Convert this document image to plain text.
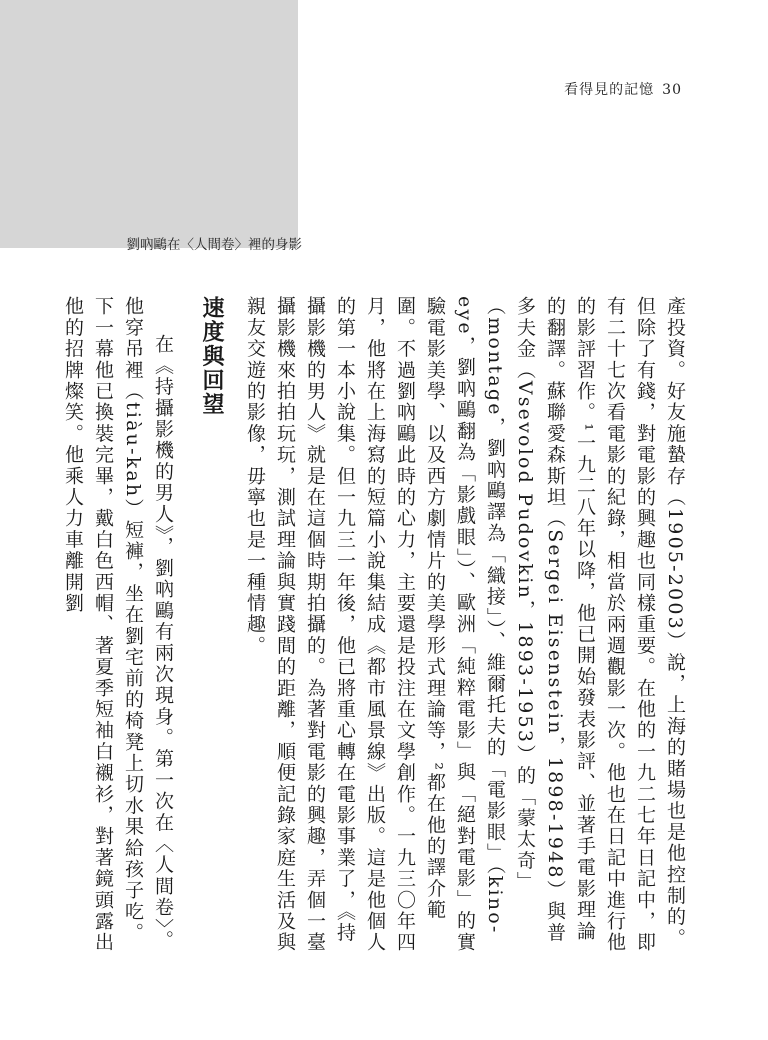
看得見的記憶 30
劉吶鷗在〈人間卷〉裡的身影

產投資。好友施蟄存（1905-2003）說，上海的賭場也是他控制的。但除了有錢，對電影的興趣也同樣重要。在他的一九二七年日記中，即有二十七次看電影的紀錄，相當於兩週觀影一次。他也在日記中進行他的影評習作。¹一九二八年以降，他已開始發表影評、並著手電影理論的翻譯。蘇聯愛森斯坦（Sergei Eisenstein，1898-1948）與普多夫金（Vsevolod Pudovkin，1893-1953）的「蒙太奇」（montage，劉吶鷗譯為「織接」）、維爾托夫的「電影眼」（kino-eye，劉吶鷗翻為「影戲眼」）、歐洲「純粹電影」與「絕對電影」的實驗電影美學、以及西方劇情片的美學形式理論等，²都在他的譯介範圍。不過劉吶鷗此時的心力，主要還是投注在文學創作。一九三〇年四月，他將在上海寫的短篇小說集結成《都市風景線》出版。這是他個人的第一本小說集。但一九三一年後，他已將重心轉在電影事業了，《持攝影機的男人》就是在這個時期拍攝的。為著對電影的興趣，弄個一臺攝影機來拍拍玩玩，測試理論與實踐間的距離，順便記錄家庭生活及與親友交遊的影像，毋寧也是一種情趣。

速度與回望

在《持攝影機的男人》，劉吶鷗有兩次現身。第一次在〈人間卷〉。他穿吊裡（tiàu-kah）短褲，坐在劉宅前的椅凳上切水果給孩子吃。下一幕他已換裝完畢，戴白色西帽、著夏季短袖白襯衫，對著鏡頭露出他的招牌燦笑。他乘人力車離開劉
